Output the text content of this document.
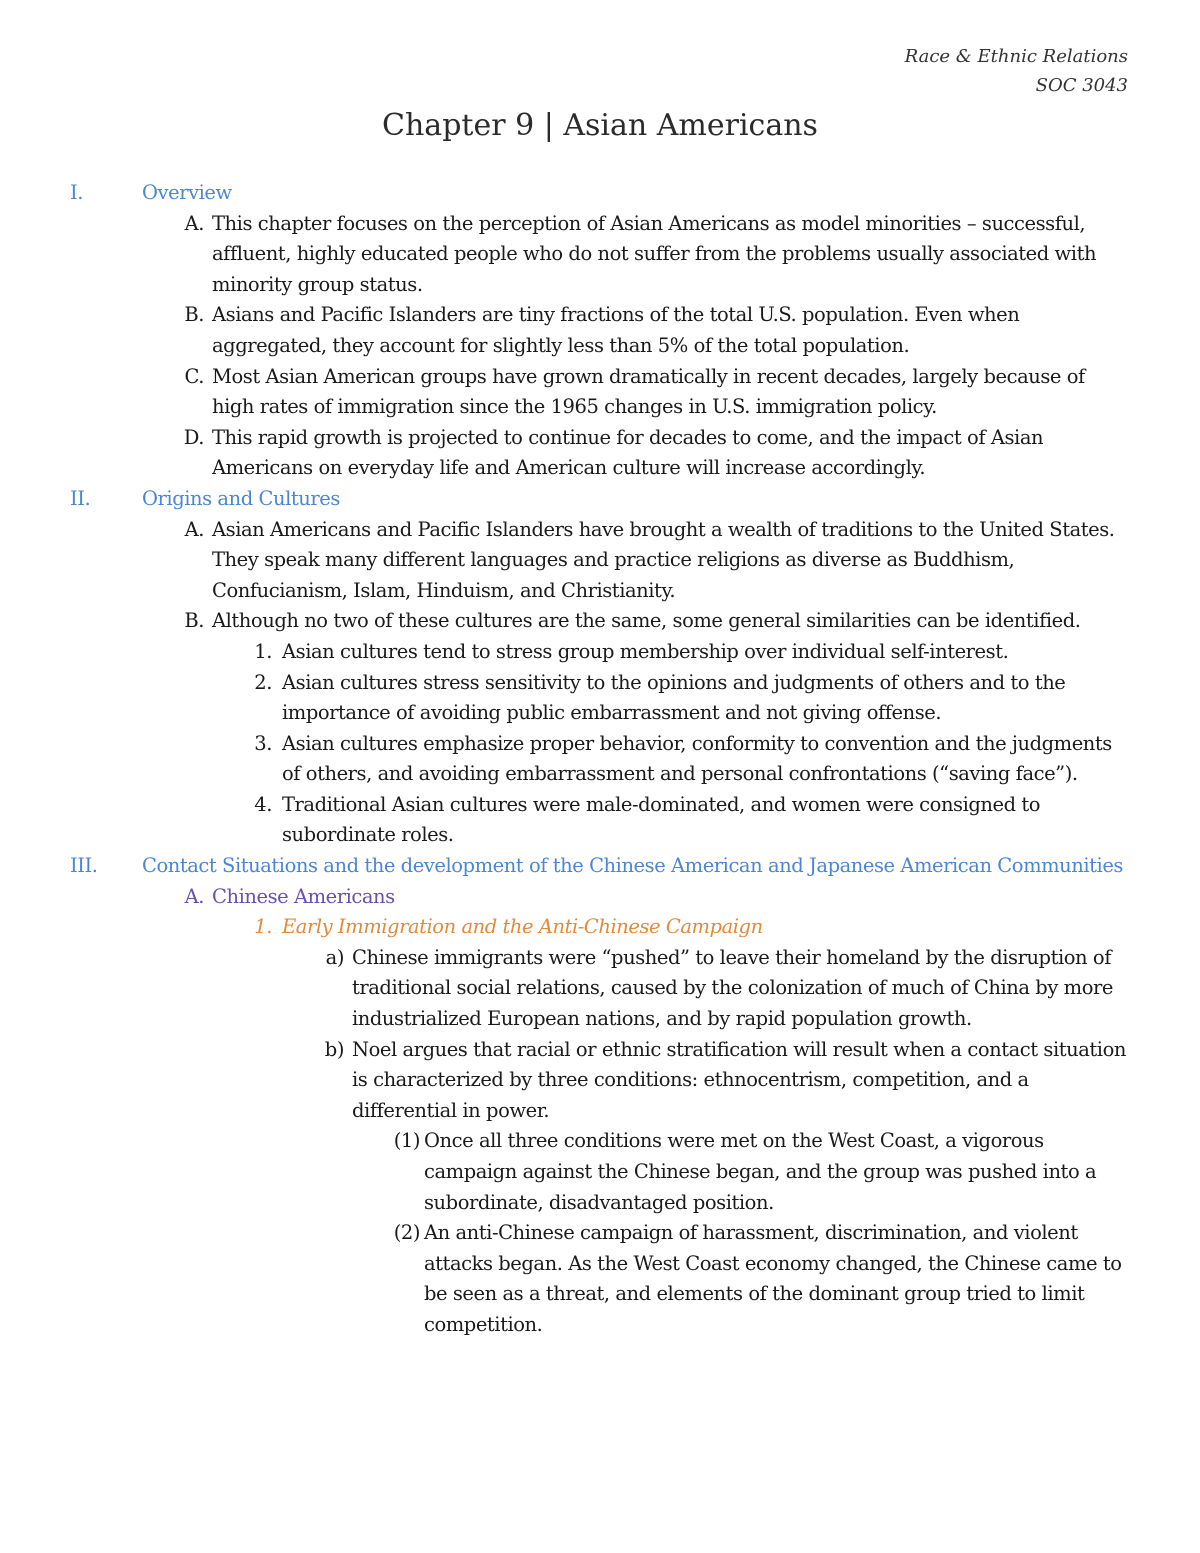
Race & Ethnic Relations
SOC 3043
Chapter 9 | Asian Americans
I.	Overview
A. This chapter focuses on the perception of Asian Americans as model minorities – successful, affluent, highly educated people who do not suffer from the problems usually associated with minority group status.
B. Asians and Pacific Islanders are tiny fractions of the total U.S. population. Even when aggregated, they account for slightly less than 5% of the total population.
C. Most Asian American groups have grown dramatically in recent decades, largely because of high rates of immigration since the 1965 changes in U.S. immigration policy.
D. This rapid growth is projected to continue for decades to come, and the impact of Asian Americans on everyday life and American culture will increase accordingly.
II.	Origins and Cultures
A. Asian Americans and Pacific Islanders have brought a wealth of traditions to the United States. They speak many different languages and practice religions as diverse as Buddhism, Confucianism, Islam, Hinduism, and Christianity.
B. Although no two of these cultures are the same, some general similarities can be identified.
1. Asian cultures tend to stress group membership over individual self-interest.
2. Asian cultures stress sensitivity to the opinions and judgments of others and to the importance of avoiding public embarrassment and not giving offense.
3. Asian cultures emphasize proper behavior, conformity to convention and the judgments of others, and avoiding embarrassment and personal confrontations (“saving face”).
4. Traditional Asian cultures were male-dominated, and women were consigned to subordinate roles.
III.	Contact Situations and the development of the Chinese American and Japanese American Communities
A. Chinese Americans
1. Early Immigration and the Anti-Chinese Campaign
a) Chinese immigrants were “pushed” to leave their homeland by the disruption of traditional social relations, caused by the colonization of much of China by more industrialized European nations, and by rapid population growth.
b) Noel argues that racial or ethnic stratification will result when a contact situation is characterized by three conditions: ethnocentrism, competition, and a differential in power.
(1) Once all three conditions were met on the West Coast, a vigorous campaign against the Chinese began, and the group was pushed into a subordinate, disadvantaged position.
(2) An anti-Chinese campaign of harassment, discrimination, and violent attacks began. As the West Coast economy changed, the Chinese came to be seen as a threat, and elements of the dominant group tried to limit competition.
